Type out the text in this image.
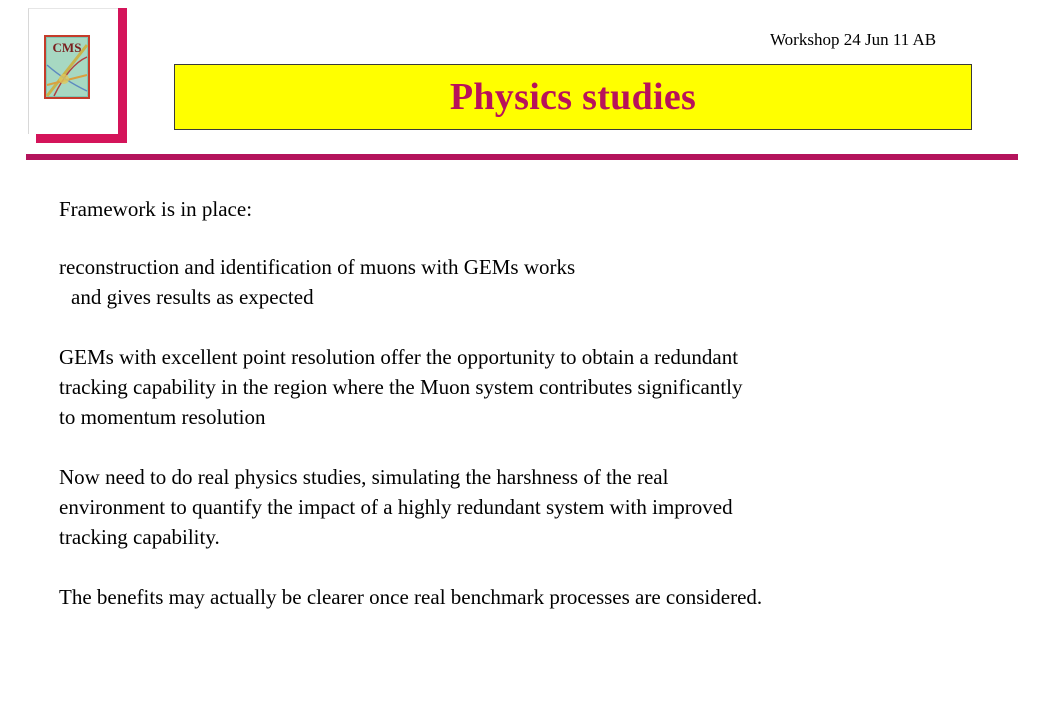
CMS	Workshop 24 Jun 11 AB
Physics studies

Framework is in place:

reconstruction and identification of muons with GEMs works

and gives results as expected

GEMs with excellent point resolution offer the opportunity to obtain a redundant

tracking capability in the region where the Muon system contributes significantly

to momentum resolution

Now need to do real physics studies, simulating the harshness of the real

environment to quantify the impact of a highly redundant system with improved

tracking capability.

The benefits may actually be clearer once real benchmark processes are considered.
